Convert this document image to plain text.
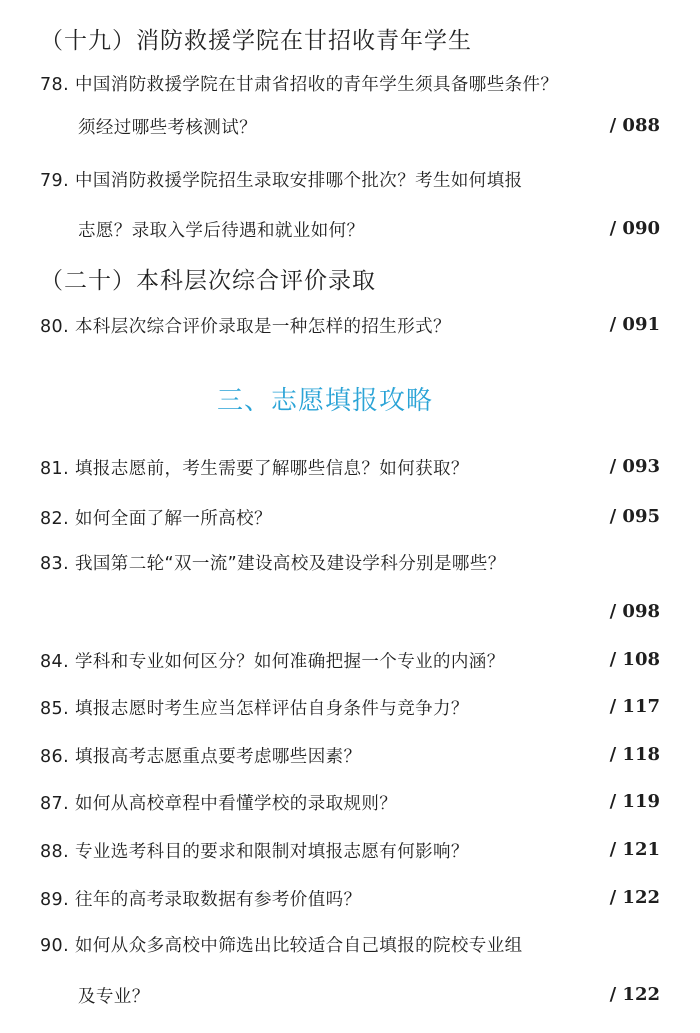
（十九）消防救援学院在甘招收青年学生
78. 中国消防救援学院在甘肃省招收的青年学生须具备哪些条件？
须经过哪些考核测试？	/ 088
79. 中国消防救援学院招生录取安排哪个批次？考生如何填报
志愿？录取入学后待遇和就业如何？	/ 090
（二十）本科层次综合评价录取
80. 本科层次综合评价录取是一种怎样的招生形式？	/ 091
三、志愿填报攻略
81. 填报志愿前，考生需要了解哪些信息？如何获取？	/ 093
82. 如何全面了解一所高校？	/ 095
83. 我国第二轮“双一流”建设高校及建设学科分别是哪些？
/ 098
84. 学科和专业如何区分？如何准确把握一个专业的内涵？	/ 108
85. 填报志愿时考生应当怎样评估自身条件与竞争力？	/ 117
86. 填报高考志愿重点要考虑哪些因素？	/ 118
87. 如何从高校章程中看懂学校的录取规则？	/ 119
88. 专业选考科目的要求和限制对填报志愿有何影响？	/ 121
89. 往年的高考录取数据有参考价值吗？	/ 122
90. 如何从众多高校中筛选出比较适合自己填报的院校专业组
及专业？	/ 122
